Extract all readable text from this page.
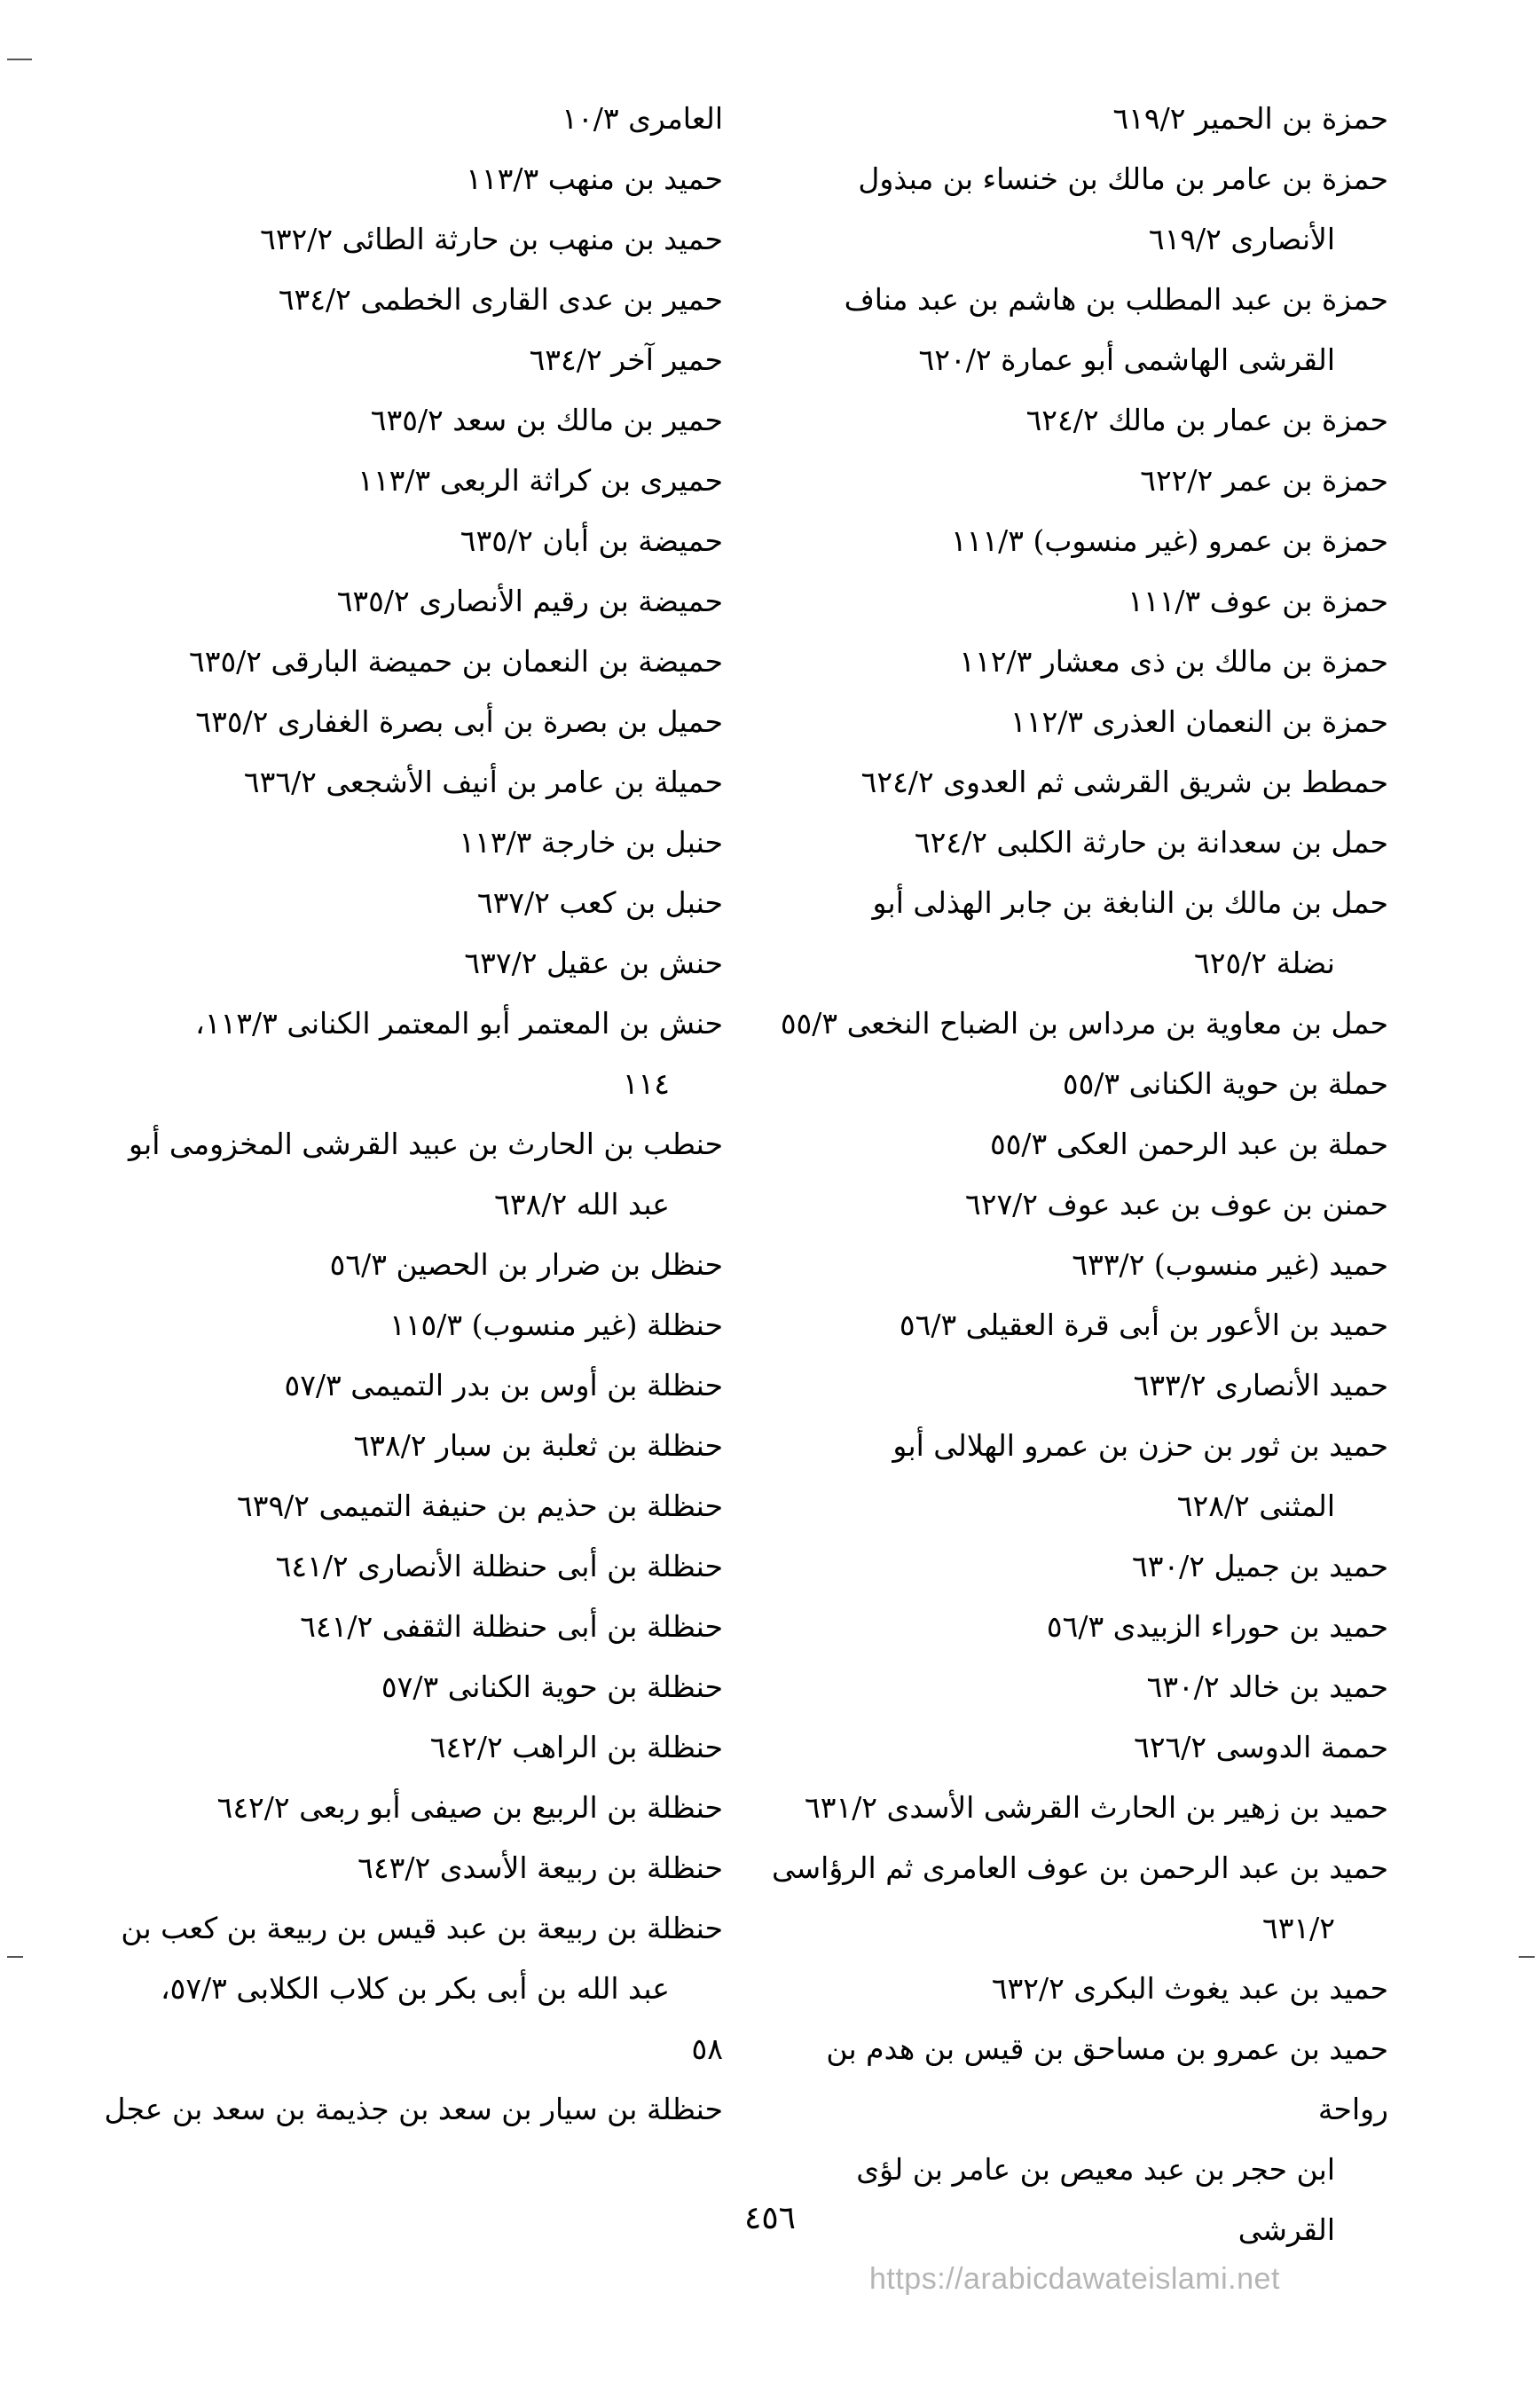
حمزة بن الحمير ٦١٩/٢
حمزة بن عامر بن مالك بن خنساء بن مبذول
الأنصارى ٦١٩/٢
حمزة بن عبد المطلب بن هاشم بن عبد مناف
القرشى الهاشمى أبو عمارة ٦٢٠/٢
حمزة بن عمار بن مالك ٦٢٤/٢
حمزة بن عمر ٦٢٢/٢
حمزة بن عمرو (غير منسوب) ١١١/٣
حمزة بن عوف ١١١/٣
حمزة بن مالك بن ذى معشار ١١٢/٣
حمزة بن النعمان العذرى ١١٢/٣
حمطط بن شريق القرشى ثم العدوى ٦٢٤/٢
حمل بن سعدانة بن حارثة الكلبى ٦٢٤/٢
حمل بن مالك بن النابغة بن جابر الهذلى أبو
نضلة ٦٢٥/٢
حمل بن معاوية بن مرداس بن الضباح النخعى ٥٥/٣
حملة بن حوية الكنانى ٥٥/٣
حملة بن عبد الرحمن العكى ٥٥/٣
حمنن بن عوف بن عبد عوف ٦٢٧/٢
حميد (غير منسوب) ٦٣٣/٢
حميد بن الأعور بن أبى قرة العقيلى ٥٦/٣
حميد الأنصارى ٦٣٣/٢
حميد بن ثور بن حزن بن عمرو الهلالى أبو
المثنى ٦٢٨/٢
حميد بن جميل ٦٣٠/٢
حميد بن حوراء الزبيدى ٥٦/٣
حميد بن خالد ٦٣٠/٢
حممة الدوسى ٦٢٦/٢
حميد بن زهير بن الحارث القرشى الأسدى ٦٣١/٢
حميد بن عبد الرحمن بن عوف العامرى ثم الرؤاسى
٦٣١/٢
حميد بن عبد يغوث البكرى ٦٣٢/٢
حميد بن عمرو بن مساحق بن قيس بن هدم بن رواحة
ابن حجر بن عبد معيص بن عامر بن لؤى القرشى
العامرى ١٠/٣
حميد بن منهب ١١٣/٣
حميد بن منهب بن حارثة الطائى ٦٣٢/٢
حمير بن عدى القارى الخطمى ٦٣٤/٢
حمير آخر ٦٣٤/٢
حمير بن مالك بن سعد ٦٣٥/٢
حميرى بن كراثة الربعى ١١٣/٣
حميضة بن أبان ٦٣٥/٢
حميضة بن رقيم الأنصارى ٦٣٥/٢
حميضة بن النعمان بن حميضة البارقى ٦٣٥/٢
حميل بن بصرة بن أبى بصرة الغفارى ٦٣٥/٢
حميلة بن عامر بن أنيف الأشجعى ٦٣٦/٢
حنبل بن خارجة ١١٣/٣
حنبل بن كعب ٦٣٧/٢
حنش بن عقيل ٦٣٧/٢
حنش بن المعتمر أبو المعتمر الكنانى ١١٣/٣،
١١٤
حنطب بن الحارث بن عبيد القرشى المخزومى أبو
عبد الله ٦٣٨/٢
حنظل بن ضرار بن الحصين ٥٦/٣
حنظلة (غير منسوب) ١١٥/٣
حنظلة بن أوس بن بدر التميمى ٥٧/٣
حنظلة بن ثعلبة بن سبار ٦٣٨/٢
حنظلة بن حذيم بن حنيفة التميمى ٦٣٩/٢
حنظلة بن أبى حنظلة الأنصارى ٦٤١/٢
حنظلة بن أبى حنظلة الثقفى ٦٤١/٢
حنظلة بن حوية الكنانى ٥٧/٣
حنظلة بن الراهب ٦٤٢/٢
حنظلة بن الربيع بن صيفى أبو ربعى ٦٤٢/٢
حنظلة بن ربيعة الأسدى ٦٤٣/٢
حنظلة بن ربيعة بن عبد قيس بن ربيعة بن كعب بن
عبد الله بن أبى بكر بن كلاب الكلابى ٥٧/٣،
٥٨
حنظلة بن سيار بن سعد بن جذيمة بن سعد بن عجل
٤٥٦
https://arabicdawateislami.net
